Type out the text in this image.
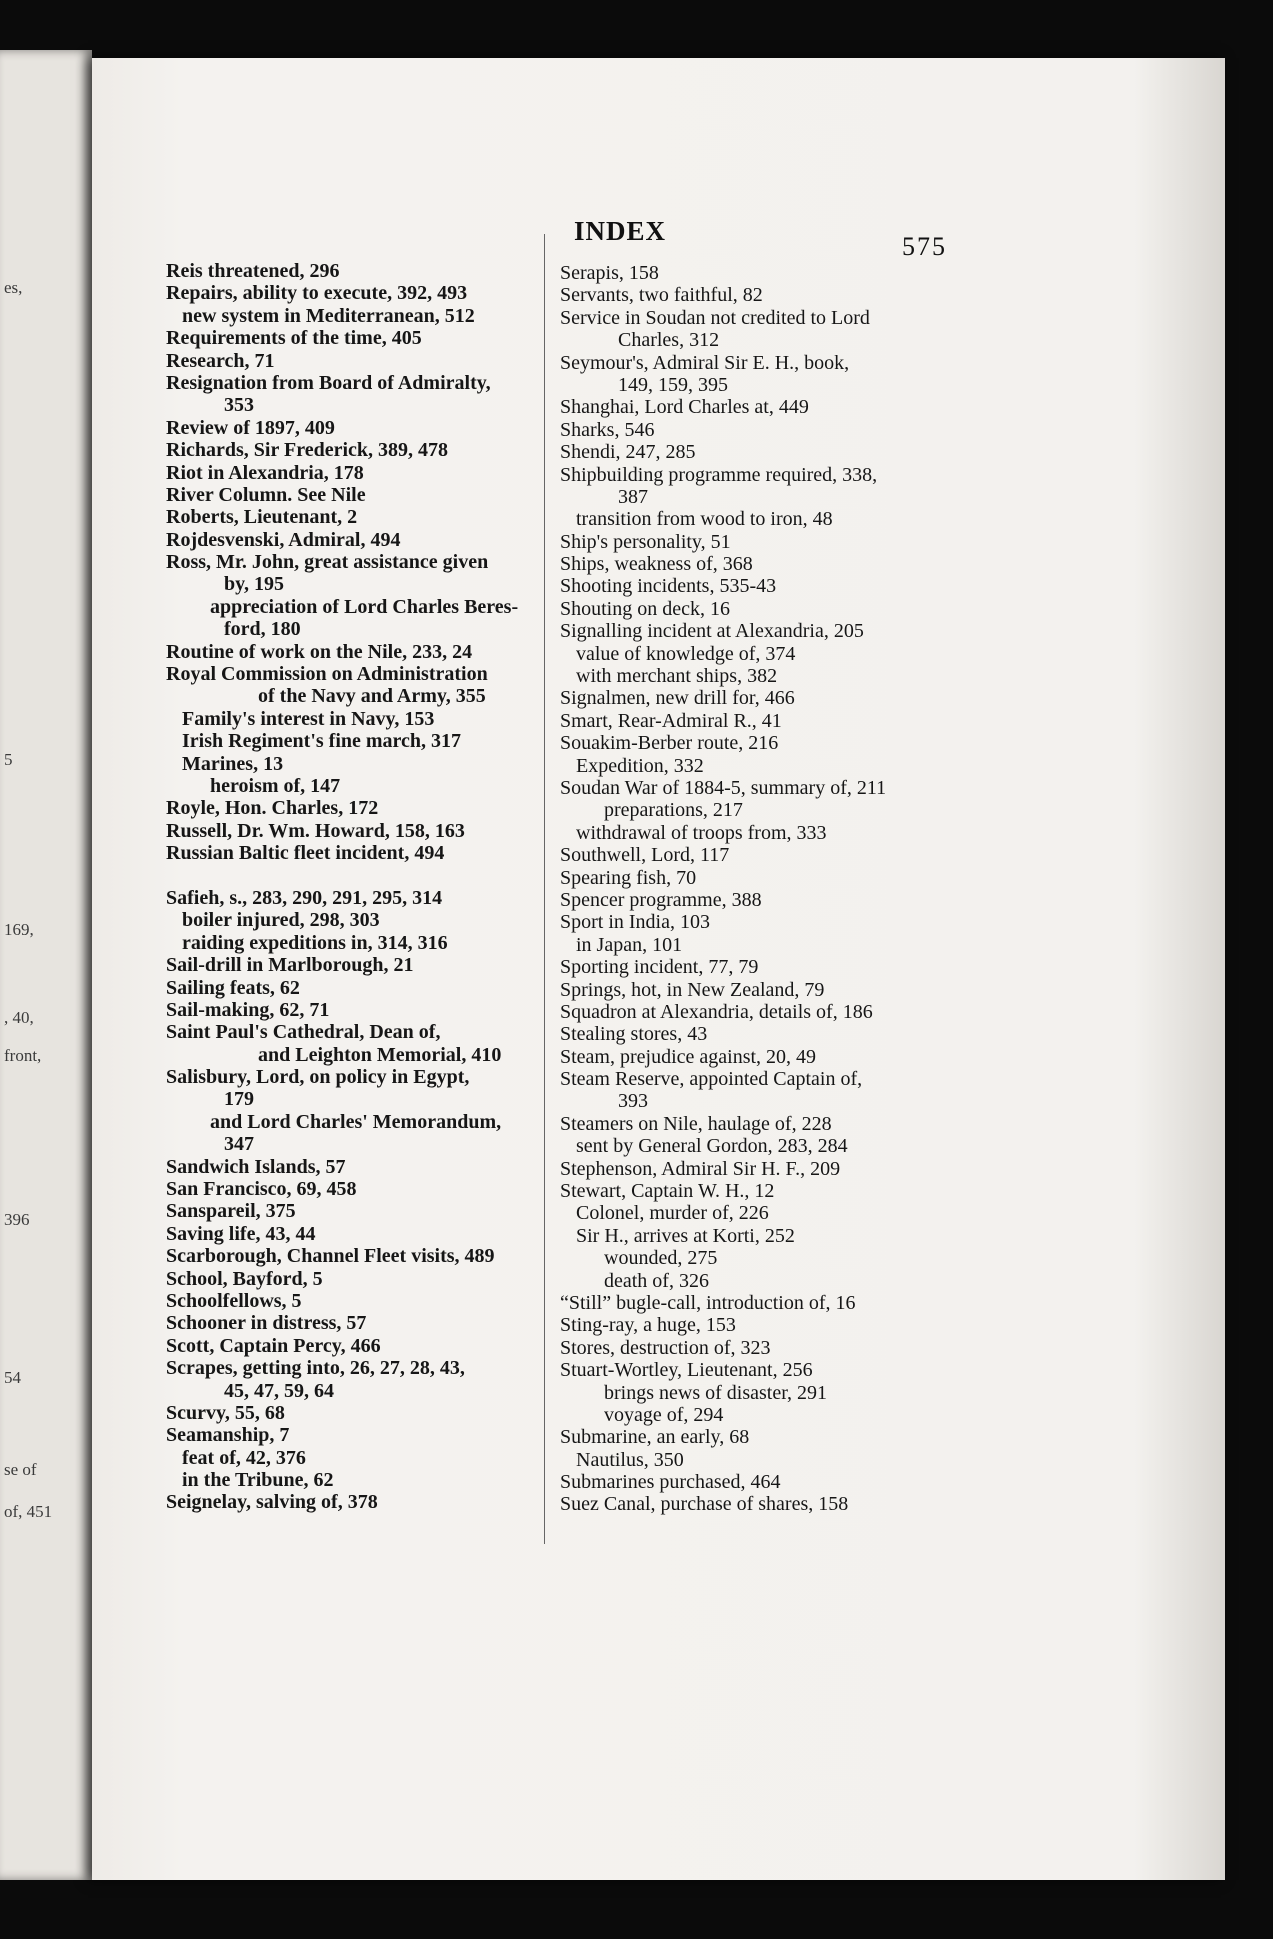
es,
5
169,
, 40,
front,
396
54
se of
of, 451
INDEX
575
Reis threatened, 296
Repairs, ability to execute, 392, 493
new system in Mediterranean, 512
Requirements of the time, 405
Research, 71
Resignation from Board of Admiralty,
353
Review of 1897, 409
Richards, Sir Frederick, 389, 478
Riot in Alexandria, 178
River Column. See Nile
Roberts, Lieutenant, 2
Rojdesvenski, Admiral, 494
Ross, Mr. John, great assistance given
by, 195
appreciation of Lord Charles Beres-
ford, 180
Routine of work on the Nile, 233, 24
Royal Commission on Administration
of the Navy and Army, 355
Family's interest in Navy, 153
Irish Regiment's fine march, 317
Marines, 13
heroism of, 147
Royle, Hon. Charles, 172
Russell, Dr. Wm. Howard, 158, 163
Russian Baltic fleet incident, 494
Safieh, s., 283, 290, 291, 295, 314
boiler injured, 298, 303
raiding expeditions in, 314, 316
Sail-drill in Marlborough, 21
Sailing feats, 62
Sail-making, 62, 71
Saint Paul's Cathedral, Dean of,
and Leighton Memorial, 410
Salisbury, Lord, on policy in Egypt,
179
and Lord Charles' Memorandum,
347
Sandwich Islands, 57
San Francisco, 69, 458
Sanspareil, 375
Saving life, 43, 44
Scarborough, Channel Fleet visits, 489
School, Bayford, 5
Schoolfellows, 5
Schooner in distress, 57
Scott, Captain Percy, 466
Scrapes, getting into, 26, 27, 28, 43,
45, 47, 59, 64
Scurvy, 55, 68
Seamanship, 7
feat of, 42, 376
in the Tribune, 62
Seignelay, salving of, 378
Serapis, 158
Servants, two faithful, 82
Service in Soudan not credited to Lord
Charles, 312
Seymour's, Admiral Sir E. H., book,
149, 159, 395
Shanghai, Lord Charles at, 449
Sharks, 546
Shendi, 247, 285
Shipbuilding programme required, 338,
387
transition from wood to iron, 48
Ship's personality, 51
Ships, weakness of, 368
Shooting incidents, 535-43
Shouting on deck, 16
Signalling incident at Alexandria, 205
value of knowledge of, 374
with merchant ships, 382
Signalmen, new drill for, 466
Smart, Rear-Admiral R., 41
Souakim-Berber route, 216
Expedition, 332
Soudan War of 1884-5, summary of, 211
preparations, 217
withdrawal of troops from, 333
Southwell, Lord, 117
Spearing fish, 70
Spencer programme, 388
Sport in India, 103
in Japan, 101
Sporting incident, 77, 79
Springs, hot, in New Zealand, 79
Squadron at Alexandria, details of, 186
Stealing stores, 43
Steam, prejudice against, 20, 49
Steam Reserve, appointed Captain of,
393
Steamers on Nile, haulage of, 228
sent by General Gordon, 283, 284
Stephenson, Admiral Sir H. F., 209
Stewart, Captain W. H., 12
Colonel, murder of, 226
Sir H., arrives at Korti, 252
wounded, 275
death of, 326
“Still” bugle-call, introduction of, 16
Sting-ray, a huge, 153
Stores, destruction of, 323
Stuart-Wortley, Lieutenant, 256
brings news of disaster, 291
voyage of, 294
Submarine, an early, 68
Nautilus, 350
Submarines purchased, 464
Suez Canal, purchase of shares, 158
